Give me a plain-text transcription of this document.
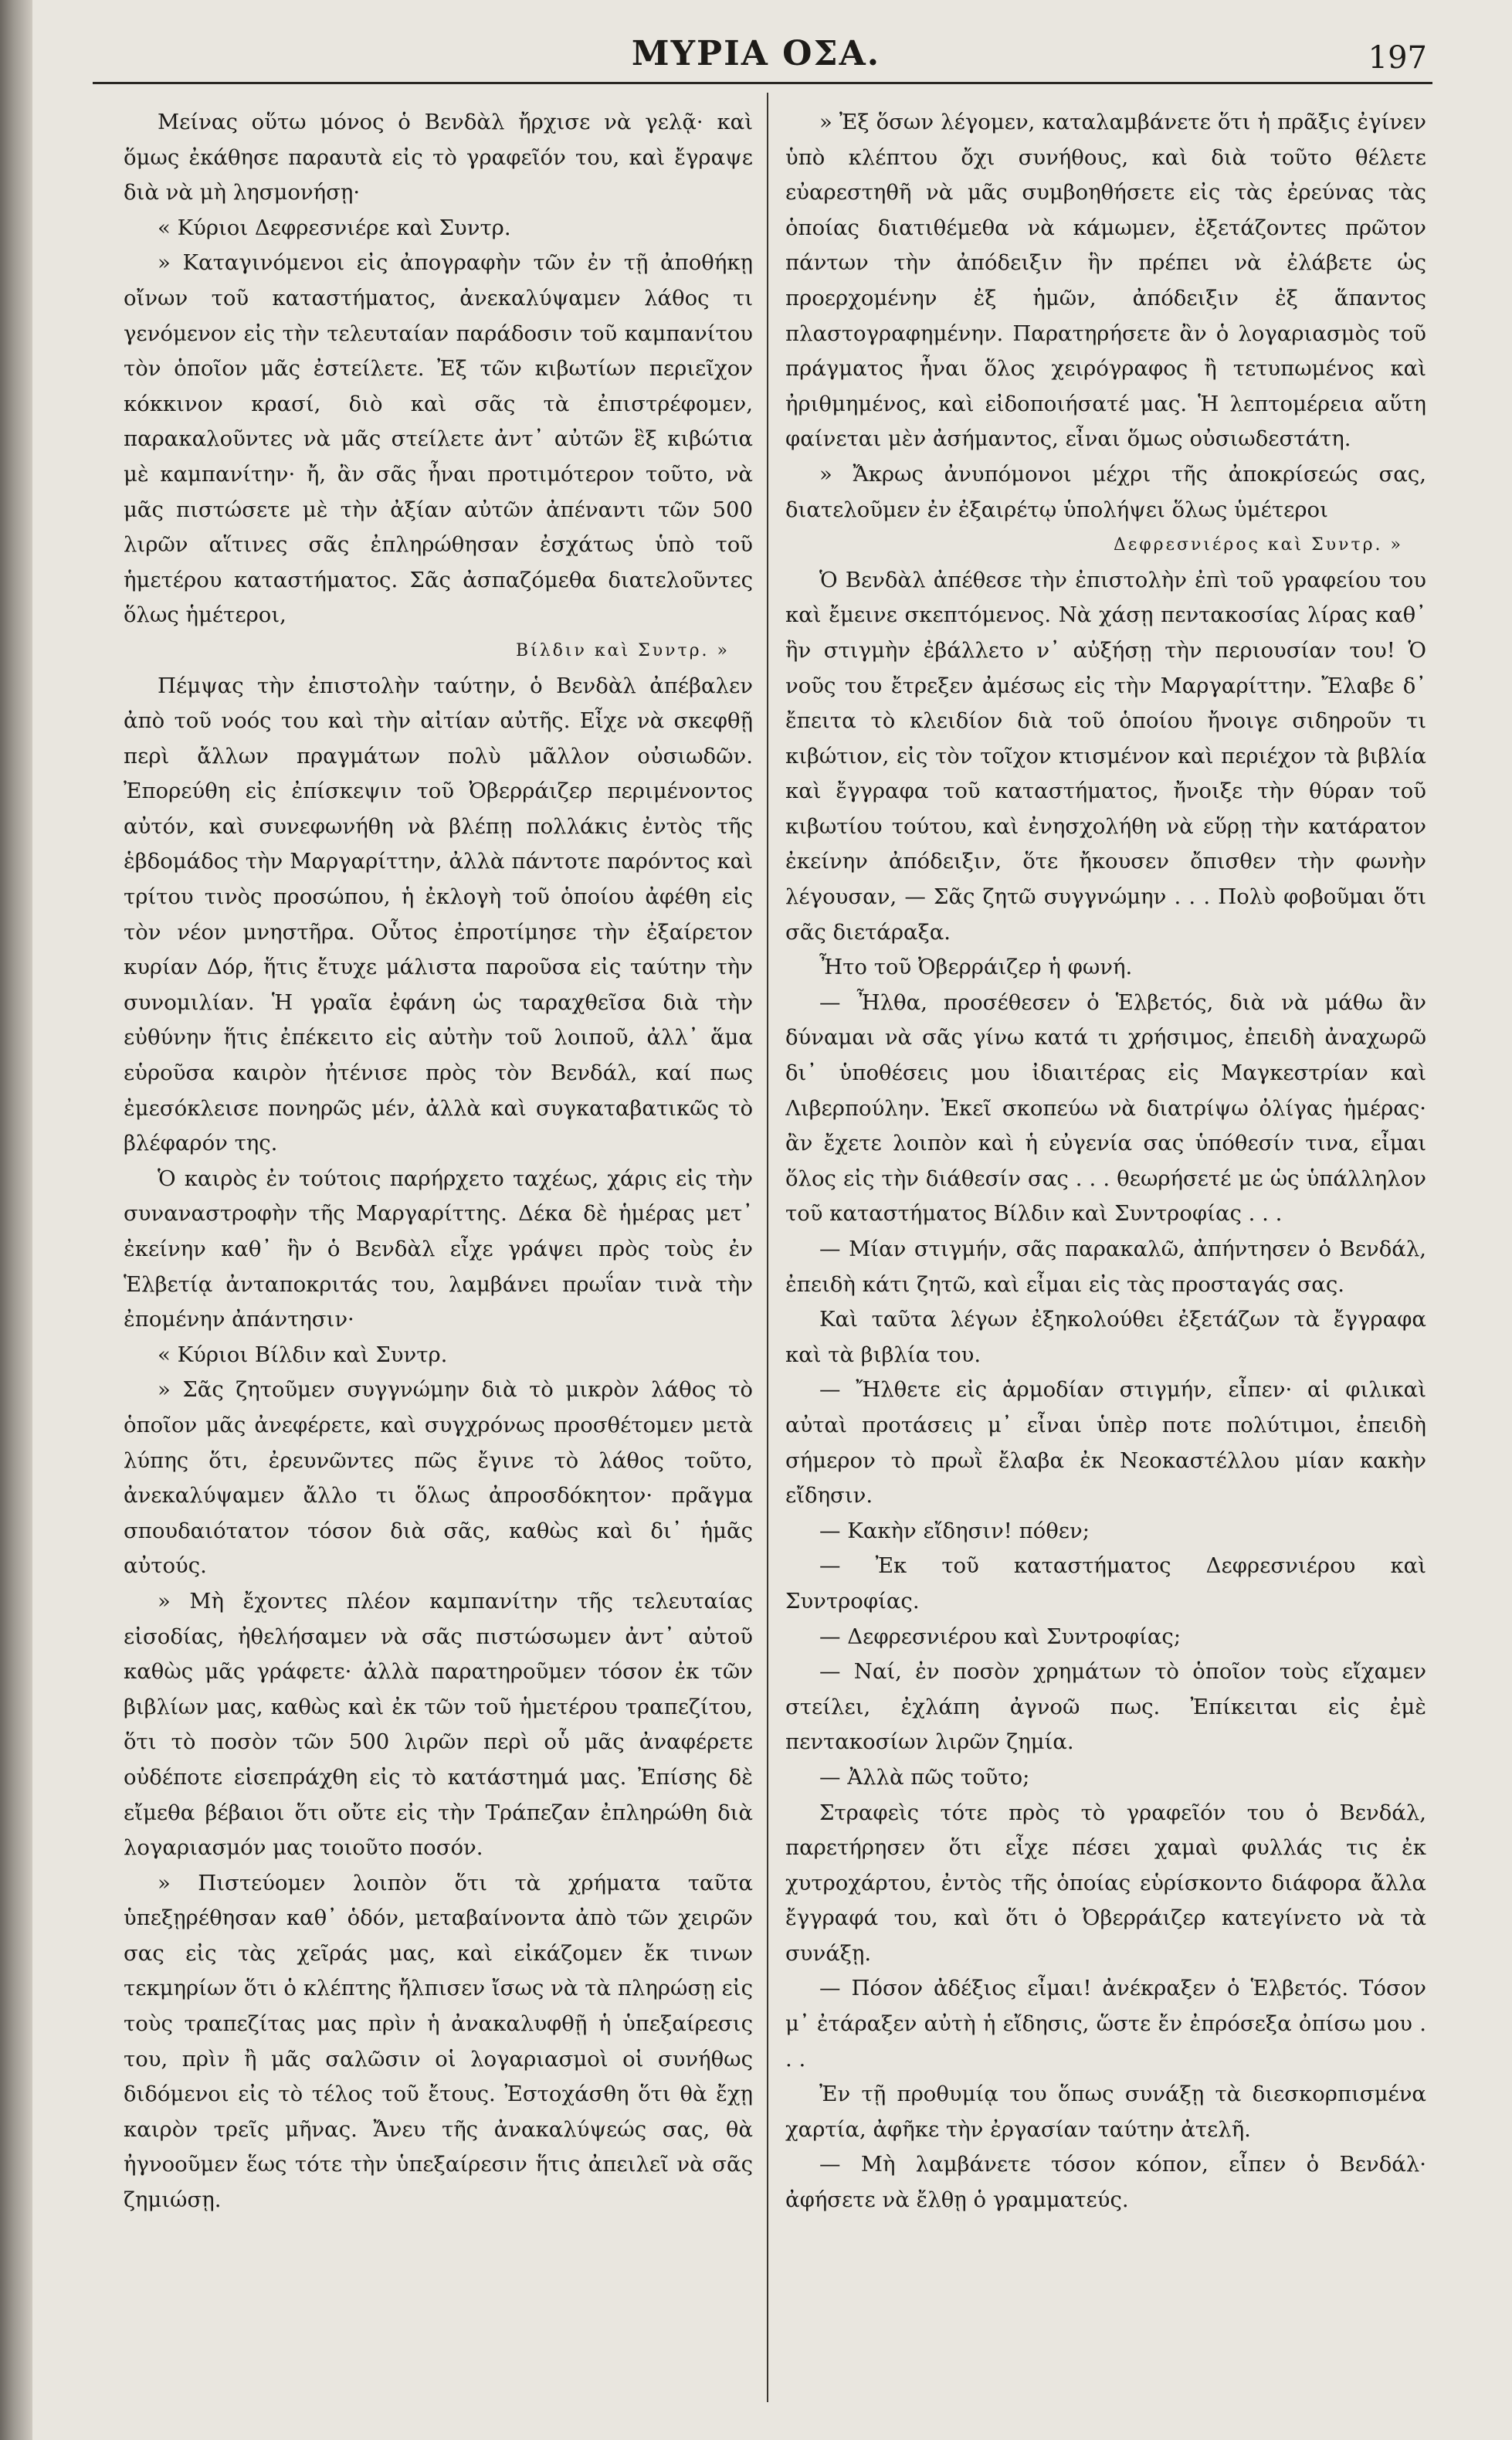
ΜΥΡΙΑ ΟΣΑ.	197

Μείνας οὕτω μόνος ὁ Βενδὰλ ἤρχισε νὰ γελᾷ· καὶ ὅμως ἐκάθησε παραυτὰ εἰς τὸ γραφεῖόν του, καὶ ἔγραψε διὰ νὰ μὴ λησμονήσῃ·

« Κύριοι Δεφρεσνιέρε καὶ Συντρ.

» Καταγινόμενοι εἰς ἀπογραφὴν τῶν ἐν τῇ ἀποθήκῃ οἴνων τοῦ καταστήματος, ἀνεκαλύψαμεν λάθος τι γενόμενον εἰς τὴν τελευταίαν παράδοσιν τοῦ καμπανίτου τὸν ὁποῖον μᾶς ἐστείλετε. Ἐξ τῶν κιβωτίων περιεῖχον κόκκινον κρασί, διὸ καὶ σᾶς τὰ ἐπιστρέφομεν, παρακαλοῦντες νὰ μᾶς στείλετε ἀντ᾽ αὐτῶν ἓξ κιβώτια μὲ καμπανίτην· ἤ, ἂν σᾶς ἦναι προτιμότερον τοῦτο, νὰ μᾶς πιστώσετε μὲ τὴν ἀξίαν αὐτῶν ἀπέναντι τῶν 500 λιρῶν αἵτινες σᾶς ἐπληρώθησαν ἐσχάτως ὑπὸ τοῦ ἡμετέρου καταστήματος. Σᾶς ἀσπαζόμεθα διατελοῦντες ὅλως ἡμέτεροι,

Βίλδιν καὶ Συντρ. »

Πέμψας τὴν ἐπιστολὴν ταύτην, ὁ Βενδὰλ ἀπέβαλεν ἀπὸ τοῦ νοός του καὶ τὴν αἰτίαν αὐτῆς. Εἶχε νὰ σκεφθῇ περὶ ἄλλων πραγμάτων πολὺ μᾶλλον οὐσιωδῶν. Ἐπορεύθη εἰς ἐπίσκεψιν τοῦ Ὀβερράιζερ περιμένοντος αὐτόν, καὶ συνεφωνήθη νὰ βλέπῃ πολλάκις ἐντὸς τῆς ἑβδομάδος τὴν Μαργαρίττην, ἀλλὰ πάντοτε παρόντος καὶ τρίτου τινὸς προσώπου, ἡ ἐκλογὴ τοῦ ὁποίου ἀφέθη εἰς τὸν νέον μνηστῆρα. Οὗτος ἐπροτίμησε τὴν ἐξαίρετον κυρίαν Δόρ, ἥτις ἔτυχε μάλιστα παροῦσα εἰς ταύτην τὴν συνομιλίαν. Ἡ γραῖα ἐφάνη ὡς ταραχθεῖσα διὰ τὴν εὐθύνην ἥτις ἐπέκειτο εἰς αὐτὴν τοῦ λοιποῦ, ἀλλ᾽ ἅμα εὑροῦσα καιρὸν ἠτένισε πρὸς τὸν Βενδάλ, καί πως ἐμεσόκλεισε πονηρῶς μέν, ἀλλὰ καὶ συγκαταβατικῶς τὸ βλέφαρόν της.

Ὁ καιρὸς ἐν τούτοις παρήρχετο ταχέως, χάρις εἰς τὴν συναναστροφὴν τῆς Μαργαρίττης. Δέκα δὲ ἡμέρας μετ᾽ ἐκείνην καθ᾽ ἣν ὁ Βενδὰλ εἶχε γράψει πρὸς τοὺς ἐν Ἑλβετίᾳ ἀνταποκριτάς του, λαμβάνει πρωΐαν τινὰ τὴν ἐπομένην ἀπάντησιν·

« Κύριοι Βίλδιν καὶ Συντρ.

» Σᾶς ζητοῦμεν συγγνώμην διὰ τὸ μικρὸν λάθος τὸ ὁποῖον μᾶς ἀνεφέρετε, καὶ συγχρόνως προσθέτομεν μετὰ λύπης ὅτι, ἐρευνῶντες πῶς ἔγινε τὸ λάθος τοῦτο, ἀνεκαλύψαμεν ἄλλο τι ὅλως ἀπροσδόκητον· πρᾶγμα σπουδαιότατον τόσον διὰ σᾶς, καθὼς καὶ δι᾽ ἡμᾶς αὐτούς.

» Μὴ ἔχοντες πλέον καμπανίτην τῆς τελευταίας εἰσοδίας, ἠθελήσαμεν νὰ σᾶς πιστώσωμεν ἀντ᾽ αὐτοῦ καθὼς μᾶς γράφετε· ἀλλὰ παρατηροῦμεν τόσον ἐκ τῶν βιβλίων μας, καθὼς καὶ ἐκ τῶν τοῦ ἡμετέρου τραπεζίτου, ὅτι τὸ ποσὸν τῶν 500 λιρῶν περὶ οὗ μᾶς ἀναφέρετε οὐδέποτε εἰσεπράχθη εἰς τὸ κατάστημά μας. Ἐπίσης δὲ εἴμεθα βέβαιοι ὅτι οὔτε εἰς τὴν Τράπεζαν ἐπληρώθη διὰ λογαριασμόν μας τοιοῦτο ποσόν.

» Πιστεύομεν λοιπὸν ὅτι τὰ χρήματα ταῦτα ὑπεξῃρέθησαν καθ᾽ ὁδόν, μεταβαίνοντα ἀπὸ τῶν χειρῶν σας εἰς τὰς χεῖράς μας, καὶ εἰκάζομεν ἔκ τινων τεκμηρίων ὅτι ὁ κλέπτης ἤλπισεν ἴσως νὰ τὰ πληρώσῃ εἰς τοὺς τραπεζίτας μας πρὶν ἡ ἀνακαλυφθῇ ἡ ὑπεξαίρεσις του, πρὶν ἢ μᾶς σαλῶσιν οἱ λογαριασμοὶ οἱ συνήθως διδόμενοι εἰς τὸ τέλος τοῦ ἔτους. Ἐστοχάσθη ὅτι θὰ ἔχῃ καιρὸν τρεῖς μῆνας. Ἄνευ τῆς ἀνακαλύψεώς σας, θὰ ἠγνοοῦμεν ἕως τότε τὴν ὑπεξαίρεσιν ἥτις ἀπειλεῖ νὰ σᾶς ζημιώσῃ.

» Ἐξ ὅσων λέγομεν, καταλαμβάνετε ὅτι ἡ πρᾶξις ἐγίνεν ὑπὸ κλέπτου ὄχι συνήθους, καὶ διὰ τοῦτο θέλετε εὐαρεστηθῆ νὰ μᾶς συμβοηθήσετε εἰς τὰς ἐρεύνας τὰς ὁποίας διατιθέμεθα νὰ κάμωμεν, ἐξετάζοντες πρῶτον πάντων τὴν ἀπόδειξιν ἣν πρέπει νὰ ἐλάβετε ὡς προερχομένην ἐξ ἡμῶν, ἀπόδειξιν ἐξ ἅπαντος πλαστογραφημένην. Παρατηρήσετε ἂν ὁ λογαριασμὸς τοῦ πράγματος ἦναι ὅλος χειρόγραφος ἢ τετυπωμένος καὶ ἠριθμημένος, καὶ εἰδοποιήσατέ μας. Ἡ λεπτομέρεια αὕτη φαίνεται μὲν ἀσήμαντος, εἶναι ὅμως οὐσιωδεστάτη.

» Ἄκρως ἀνυπόμονοι μέχρι τῆς ἀποκρίσεώς σας, διατελοῦμεν ἐν ἐξαιρέτῳ ὑπολήψει ὅλως ὑμέτεροι

Δεφρεσνιέρος καὶ Συντρ. »

Ὁ Βενδὰλ ἀπέθεσε τὴν ἐπιστολὴν ἐπὶ τοῦ γραφείου του καὶ ἔμεινε σκεπτόμενος. Νὰ χάσῃ πεντακοσίας λίρας καθ᾽ ἣν στιγμὴν ἐβάλλετο ν᾽ αὐξήσῃ τὴν περιουσίαν του! Ὁ νοῦς του ἔτρεξεν ἀμέσως εἰς τὴν Μαργαρίττην. Ἔλαβε δ᾽ ἔπειτα τὸ κλειδίον διὰ τοῦ ὁποίου ἤνοιγε σιδηροῦν τι κιβώτιον, εἰς τὸν τοῖχον κτισμένον καὶ περιέχον τὰ βιβλία καὶ ἔγγραφα τοῦ καταστήματος, ἤνοιξε τὴν θύραν τοῦ κιβωτίου τούτου, καὶ ἐνησχολήθη νὰ εὕρῃ τὴν κατάρατον ἐκείνην ἀπόδειξιν, ὅτε ἤκουσεν ὄπισθεν τὴν φωνὴν λέγουσαν, — Σᾶς ζητῶ συγγνώμην . . . Πολὺ φοβοῦμαι ὅτι σᾶς διετάραξα.

Ἦτο τοῦ Ὀβερράιζερ ἡ φωνή.

— Ἦλθα, προσέθεσεν ὁ Ἑλβετός, διὰ νὰ μάθω ἂν δύναμαι νὰ σᾶς γίνω κατά τι χρήσιμος, ἐπειδὴ ἀναχωρῶ δι᾽ ὑποθέσεις μου ἰδιαιτέρας εἰς Μαγκεστρίαν καὶ Λιβερπούλην. Ἐκεῖ σκοπεύω νὰ διατρίψω ὀλίγας ἡμέρας· ἂν ἔχετε λοιπὸν καὶ ἡ εὐγενία σας ὑπόθεσίν τινα, εἶμαι ὅλος εἰς τὴν διάθεσίν σας . . . θεωρήσετέ με ὡς ὑπάλληλον τοῦ καταστήματος Βίλδιν καὶ Συντροφίας . . .

— Μίαν στιγμήν, σᾶς παρακαλῶ, ἀπήντησεν ὁ Βενδάλ, ἐπειδὴ κάτι ζητῶ, καὶ εἶμαι εἰς τὰς προσταγάς σας.

Καὶ ταῦτα λέγων ἐξηκολούθει ἐξετάζων τὰ ἔγγραφα καὶ τὰ βιβλία του.

— Ἤλθετε εἰς ἁρμοδίαν στιγμήν, εἶπεν· αἱ φιλικαὶ αὐταὶ προτάσεις μ᾽ εἶναι ὑπὲρ ποτε πολύτιμοι, ἐπειδὴ σήμερον τὸ πρωῒ ἔλαβα ἐκ Νεοκαστέλλου μίαν κακὴν εἴδησιν.

— Κακὴν εἴδησιν! πόθεν;

— Ἐκ τοῦ καταστήματος Δεφρεσνιέρου καὶ Συντροφίας.

— Δεφρεσνιέρου καὶ Συντροφίας;

— Ναί, ἐν ποσὸν χρημάτων τὸ ὁποῖον τοὺς εἴχαμεν στείλει, ἐχλάπη ἀγνοῶ πως. Ἐπίκειται εἰς ἐμὲ πεντακοσίων λιρῶν ζημία.

— Ἀλλὰ πῶς τοῦτο;

Στραφεὶς τότε πρὸς τὸ γραφεῖόν του ὁ Βενδάλ, παρετήρησεν ὅτι εἶχε πέσει χαμαὶ φυλλάς τις ἐκ χυτροχάρτου, ἐντὸς τῆς ὁποίας εὑρίσκοντο διάφορα ἄλλα ἔγγραφά του, καὶ ὅτι ὁ Ὀβερράιζερ κατεγίνετο νὰ τὰ συνάξῃ.

— Πόσον ἀδέξιος εἶμαι! ἀνέκραξεν ὁ Ἑλβετός. Τόσον μ᾽ ἐτάραξεν αὐτὴ ἡ εἴδησις, ὥστε ἔν ἐπρόσεξα ὀπίσω μου . . .

Ἐν τῇ προθυμίᾳ του ὅπως συνάξῃ τὰ διεσκορπισμένα χαρτία, ἀφῆκε τὴν ἐργασίαν ταύτην ἀτελῆ.

— Μὴ λαμβάνετε τόσον κόπον, εἶπεν ὁ Βενδάλ· ἀφήσετε νὰ ἔλθῃ ὁ γραμματεύς.
